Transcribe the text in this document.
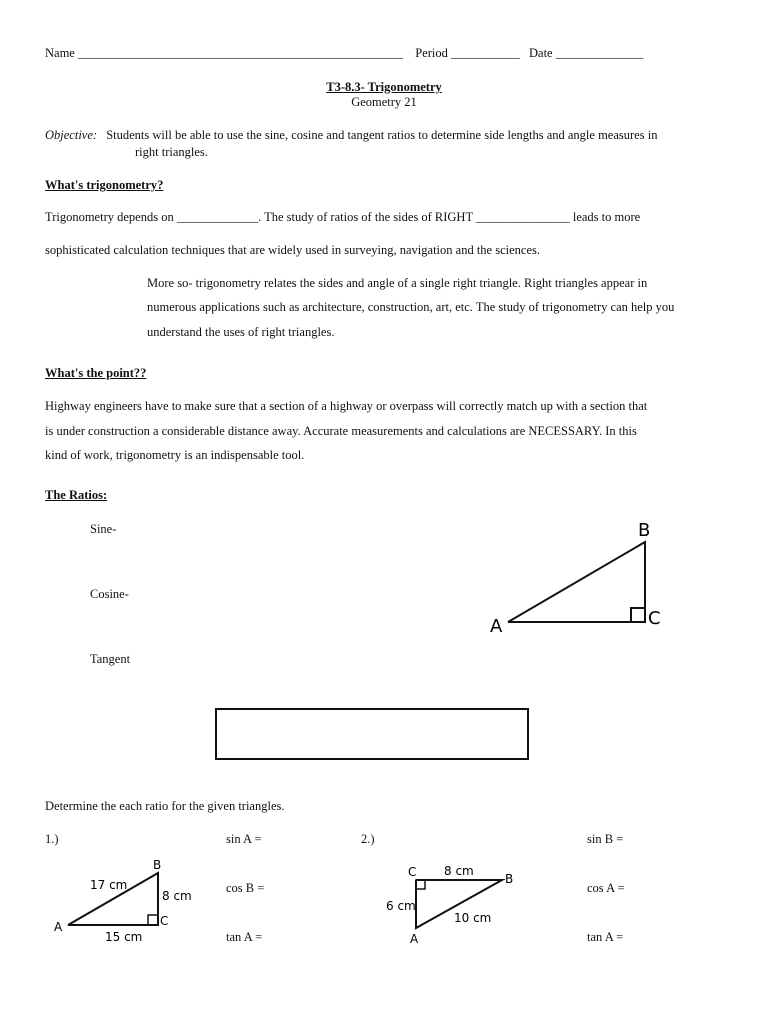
Name ____________________________________________________ Period ___________ Date ______________
T3-8.3- Trigonometry
Geometry 21
Objective: Students will be able to use the sine, cosine and tangent ratios to determine side lengths and angle measures in
right triangles.
What's trigonometry?
Trigonometry depends on _____________. The study of ratios of the sides of RIGHT _______________ leads to more
sophisticated calculation techniques that are widely used in surveying, navigation and the sciences.
More so- trigonometry relates the sides and angle of a single right triangle. Right triangles appear in
numerous applications such as architecture, construction, art, etc. The study of trigonometry can help you
understand the uses of right triangles.
What's the point??
Highway engineers have to make sure that a section of a highway or overpass will correctly match up with a section that
is under construction a considerable distance away. Accurate measurements and calculations are NECESSARY. In this
kind of work, trigonometry is an indispensable tool.
The Ratios:
Sine-
Cosine-
Tangent
A
B
C
Determine the each ratio for the given triangles.
1.)	sin A =
cos B =
tan A =
A
B
C
17 cm
8 cm
15 cm
2.)	sin B =
cos A =
tan A =
C	B
A
8 cm
6 cm
10 cm
